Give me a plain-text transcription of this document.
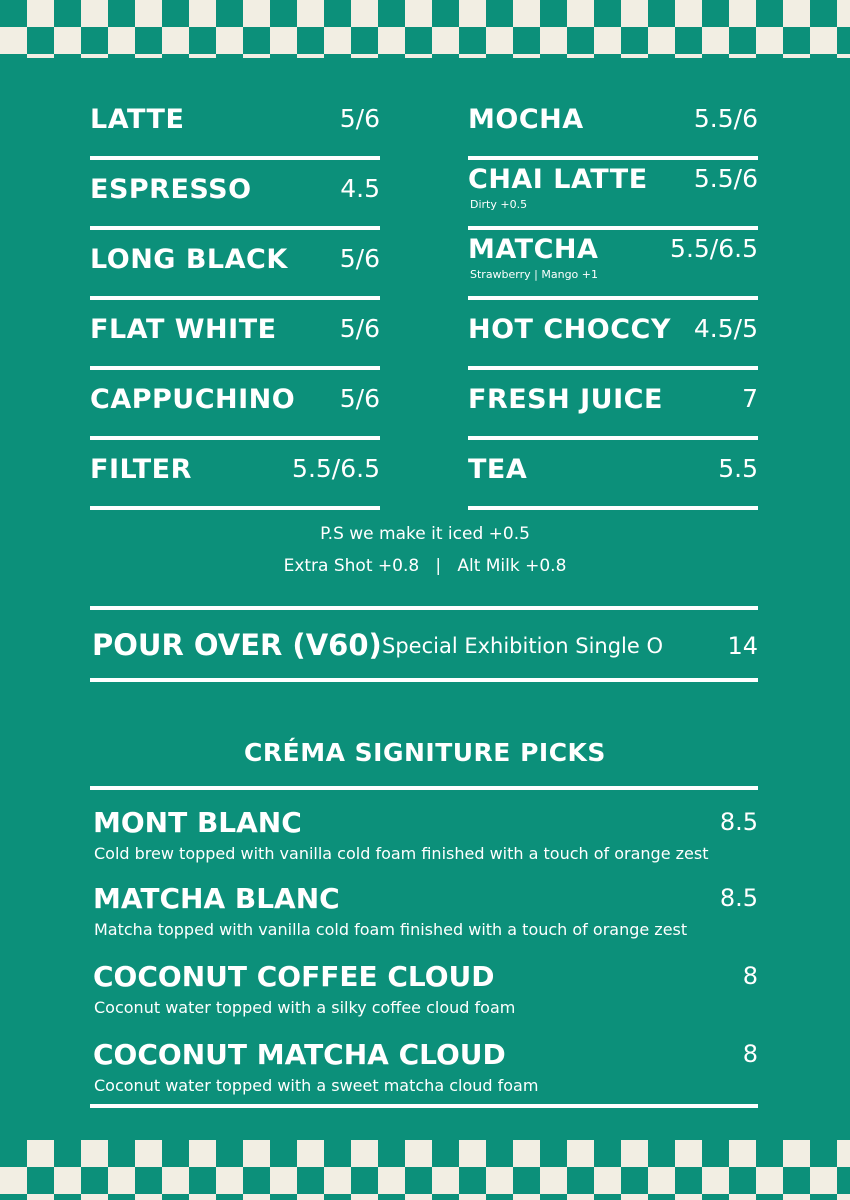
LATTE	5/6
ESPRESSO	4.5
LONG BLACK 5/6
FLAT WHITE	5/6
CAPPUCHINO 5/6
FILTER	5.5/6.5
MOCHA	5.5/6
CHAI LATTE 5.5/6
Dirty +0.5
MATCHA	5.5/6.5
Strawberry | Mango +1
HOT CHOCCY 4.5/5
FRESH JUICE	7
TEA	5.5
P.S we make it iced +0.5
Extra Shot +0.8   |   Alt Milk +0.8
POUR OVER (V60) Special Exhibition Single O	14
CRÉMA SIGNITURE PICKS
MONT BLANC	8.5
Cold brew topped with vanilla cold foam finished with a touch of orange zest
MATCHA BLANC	8.5
Matcha topped with vanilla cold foam finished with a touch of orange zest
COCONUT COFFEE CLOUD	8
Coconut water topped with a silky coffee cloud foam
COCONUT MATCHA CLOUD	8
Coconut water topped with a sweet matcha cloud foam
